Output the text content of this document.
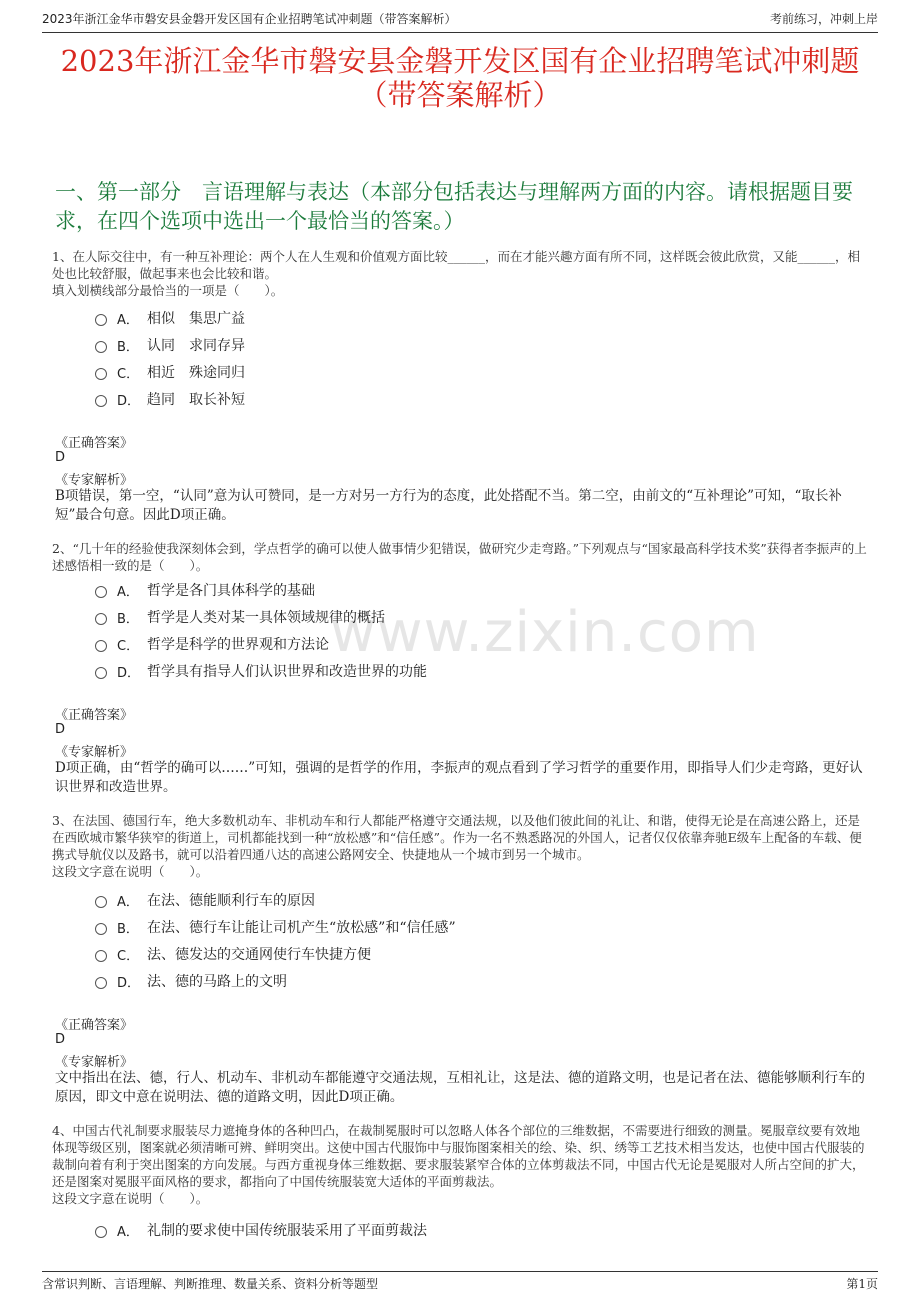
2023年浙江金华市磐安县金磐开发区国有企业招聘笔试冲刺题（带答案解析）	考前练习，冲刺上岸
2023年浙江金华市磐安县金磐开发区国有企业招聘笔试冲刺题（带答案解析）
一、第一部分　言语理解与表达（本部分包括表达与理解两方面的内容。请根据题目要求，在四个选项中选出一个最恰当的答案。）
www.zixin.com
1、在人际交往中，有一种互补理论：两个人在人生观和价值观方面比较______，而在才能兴趣方面有所不同，这样既会彼此欣赏，又能______，相处也比较舒服，做起事来也会比较和谐。
填入划横线部分最恰当的一项是（　　）。
A． 相似　集思广益
B． 认同　求同存异
C． 相近　殊途同归
D． 趋同　取长补短
《正确答案》
D
《专家解析》
B项错误，第一空，“认同”意为认可赞同，是一方对另一方行为的态度，此处搭配不当。第二空，由前文的“互补理论”可知，“取长补短”最合句意。因此D项正确。
2、“几十年的经验使我深刻体会到，学点哲学的确可以使人做事情少犯错误，做研究少走弯路。”下列观点与“国家最高科学技术奖”获得者李振声的上述感悟相一致的是（　　）。
A． 哲学是各门具体科学的基础
B． 哲学是人类对某一具体领域规律的概括
C． 哲学是科学的世界观和方法论
D． 哲学具有指导人们认识世界和改造世界的功能
《正确答案》
D
《专家解析》
D项正确，由“哲学的确可以……”可知，强调的是哲学的作用，李振声的观点看到了学习哲学的重要作用，即指导人们少走弯路，更好认识世界和改造世界。
3、在法国、德国行车，绝大多数机动车、非机动车和行人都能严格遵守交通法规，以及他们彼此间的礼让、和谐，使得无论是在高速公路上，还是在西欧城市繁华狭窄的街道上，司机都能找到一种“放松感”和“信任感”。作为一名不熟悉路况的外国人，记者仅仅依靠奔驰E级车上配备的车载、便携式导航仪以及路书，就可以沿着四通八达的高速公路网安全、快捷地从一个城市到另一个城市。
这段文字意在说明（　　）。
A． 在法、德能顺利行车的原因
B． 在法、德行车让能让司机产生“放松感”和“信任感”
C． 法、德发达的交通网使行车快捷方便
D． 法、德的马路上的文明
《正确答案》
D
《专家解析》
文中指出在法、德，行人、机动车、非机动车都能遵守交通法规，互相礼让，这是法、德的道路文明，也是记者在法、德能够顺利行车的原因，即文中意在说明法、德的道路文明，因此D项正确。
4、中国古代礼制要求服装尽力遮掩身体的各种凹凸，在裁制冕服时可以忽略人体各个部位的三维数据，不需要进行细致的测量。冕服章纹要有效地体现等级区别，图案就必须清晰可辨、鲜明突出。这使中国古代服饰中与服饰图案相关的绘、染、织、绣等工艺技术相当发达，也使中国古代服装的裁制向着有利于突出图案的方向发展。与西方重视身体三维数据、要求服装紧窄合体的立体剪裁法不同，中国古代无论是冕服对人所占空间的扩大，还是图案对冕服平面风格的要求，都指向了中国传统服装宽大适体的平面剪裁法。
这段文字意在说明（　　）。
A． 礼制的要求使中国传统服装采用了平面剪裁法
含常识判断、言语理解、判断推理、数量关系、资料分析等题型	第1页
